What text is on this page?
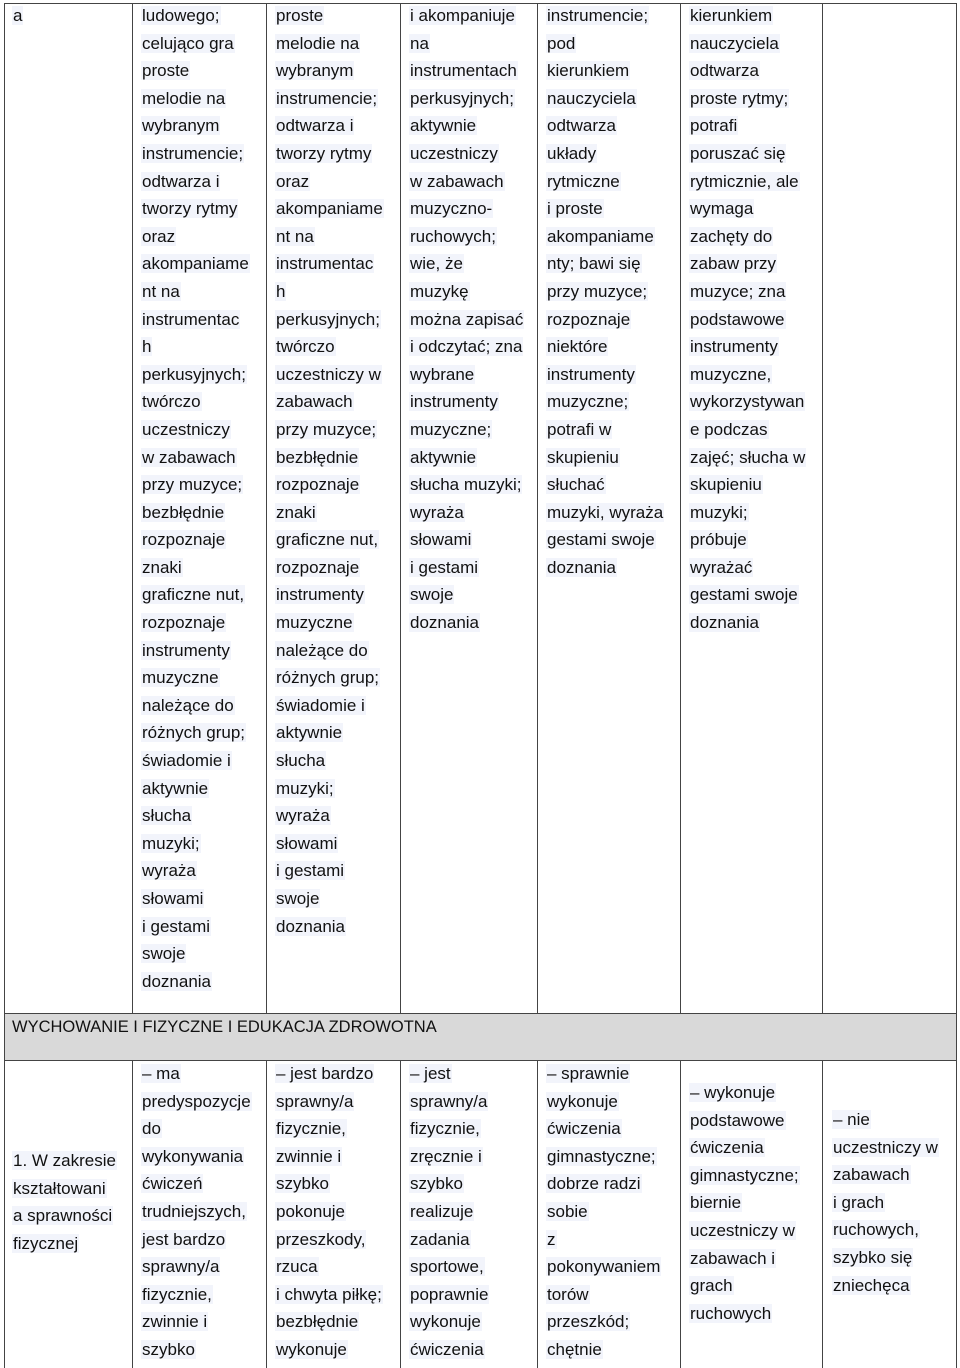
WYCHOWANIE I FIZYCZNE I EDUKACJA ZDROWOTNA
a	ludowego;
celująco gra
proste
melodie na
wybranym
instrumencie;
odtwarza i
tworzy rytmy
oraz
akompaniame
nt na
instrumentac
h
perkusyjnych;
twórczo
uczestniczy
w zabawach
przy muzyce;
bezbłędnie
rozpoznaje
znaki
graficzne nut,
rozpoznaje
instrumenty
muzyczne
należące do
różnych grup;
świadomie i
aktywnie
słucha
muzyki;
wyraża
słowami
i gestami
swoje
doznania
proste
melodie na
wybranym
instrumencie;
odtwarza i
tworzy rytmy
oraz
akompaniame
nt na
instrumentac
h
perkusyjnych;
twórczo
uczestniczy w
zabawach
przy muzyce;
bezbłędnie
rozpoznaje
znaki
graficzne nut,
rozpoznaje
instrumenty
muzyczne
należące do
różnych grup;
świadomie i
aktywnie
słucha
muzyki;
wyraża
słowami
i gestami
swoje
doznania
i akompaniuje
na
instrumentach
perkusyjnych;
aktywnie
uczestniczy
w zabawach
muzyczno-
ruchowych;
wie, że
muzykę
można zapisać
i odczytać; zna
wybrane
instrumenty
muzyczne;
aktywnie
słucha muzyki;
wyraża
słowami
i gestami
swoje
doznania
instrumencie;
pod
kierunkiem
nauczyciela
odtwarza
układy
rytmiczne
i proste
akompaniame
nty; bawi się
przy muzyce;
rozpoznaje
niektóre
instrumenty
muzyczne;
potrafi w
skupieniu
słuchać
muzyki, wyraża
gestami swoje
doznania
kierunkiem
nauczyciela
odtwarza
proste rytmy;
potrafi
poruszać się
rytmicznie, ale
wymaga
zachęty do
zabaw przy
muzyce; zna
podstawowe
instrumenty
muzyczne,
wykorzystywan
e podczas
zajęć; słucha w
skupieniu
muzyki;
próbuje
wyrażać
gestami swoje
doznania
1. W zakresie
kształtowani
a sprawności
fizycznej
– ma
predyspozycje
do
wykonywania
ćwiczeń
trudniejszych,
jest bardzo
sprawny/a
fizycznie,
zwinnie i
szybko
– jest bardzo
sprawny/a
fizycznie,
zwinnie i
szybko
pokonuje
przeszkody,
rzuca
i chwyta piłkę;
bezbłędnie
wykonuje
– jest
sprawny/a
fizycznie,
zręcznie i
szybko
realizuje
zadania
sportowe,
poprawnie
wykonuje
ćwiczenia
– sprawnie
wykonuje
ćwiczenia
gimnastyczne;
dobrze radzi
sobie
z
pokonywaniem
torów
przeszkód;
chętnie
– wykonuje
podstawowe
ćwiczenia
gimnastyczne;
biernie
uczestniczy w
zabawach i
grach
ruchowych
– nie
uczestniczy w
zabawach
i grach
ruchowych,
szybko się
zniechęca
